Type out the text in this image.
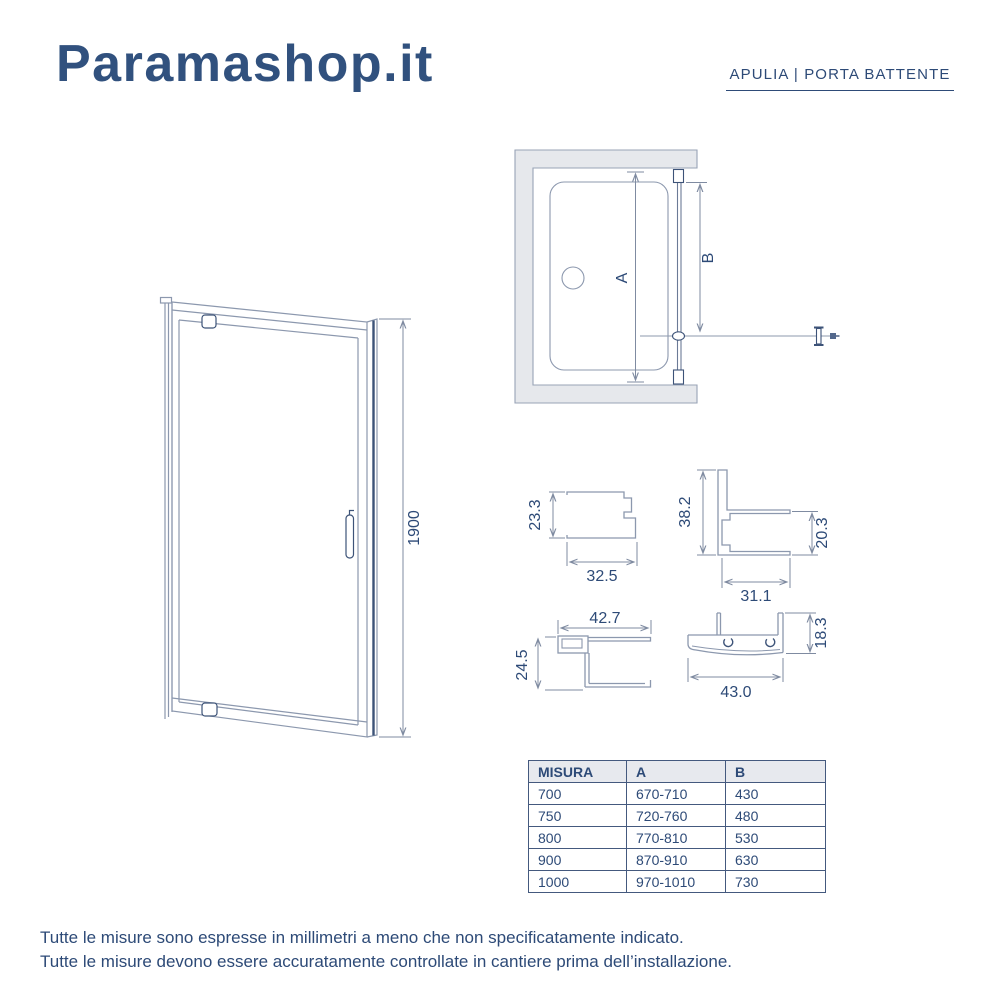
Paramashop.it	APULIA | PORTA BATTENTE
1900
A
B
23.3
32.5
38.2
20.3
31.1
42.7
24.5
43.0
18.3
MISURA	A	B
700	670-710	430
750	720-760	480
800	770-810	530
900	870-910	630
1000	970-1010	730
Tutte le misure sono espresse in millimetri a meno che non specificatamente indicato.
Tutte le misure devono essere accuratamente controllate in cantiere prima dell’installazione.
